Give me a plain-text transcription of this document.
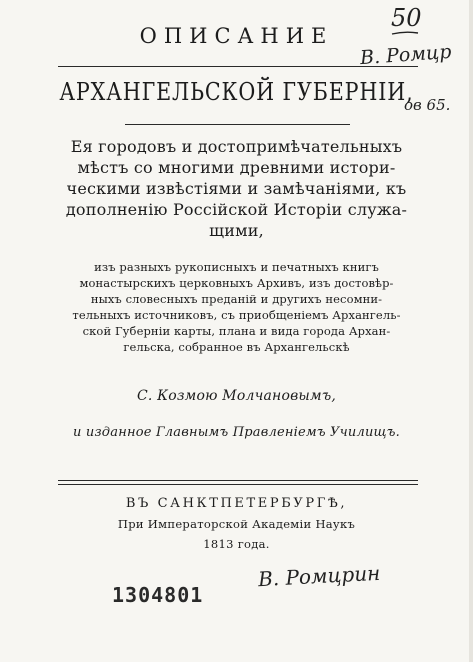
ОПИСАНИЕ
АРХАНГЕЛЬСКОЙ ГУБЕРНІИ,
Ея городовъ и достопримѣчательныхъ
мѣстъ со многими древними истори-
ческими извѣстіями и замѣчаніями, къ
дополненію Россійской Исторіи служа-
щими,
изъ разныхъ рукописныхъ и печатныхъ книгъ
монастырскихъ церковныхъ Архивъ, изъ достовѣр-
ныхъ словесныхъ преданій и другихъ несомни-
тельныхъ источниковъ, съ приобщеніемъ Архангель-
ской Губерніи карты, плана и вида города Архан-
гельска, собранное въ Архангельскѣ
С. Козмою Молчановымъ,
и изданное Главнымъ Правленіемъ Училищъ.
ВЪ САНКТПЕТЕРБУРГѢ,
При Императорской Академіи Наукъ
1813 года.
1304801
50
В. Ромцр
ов 65.
В. Ромцрин
